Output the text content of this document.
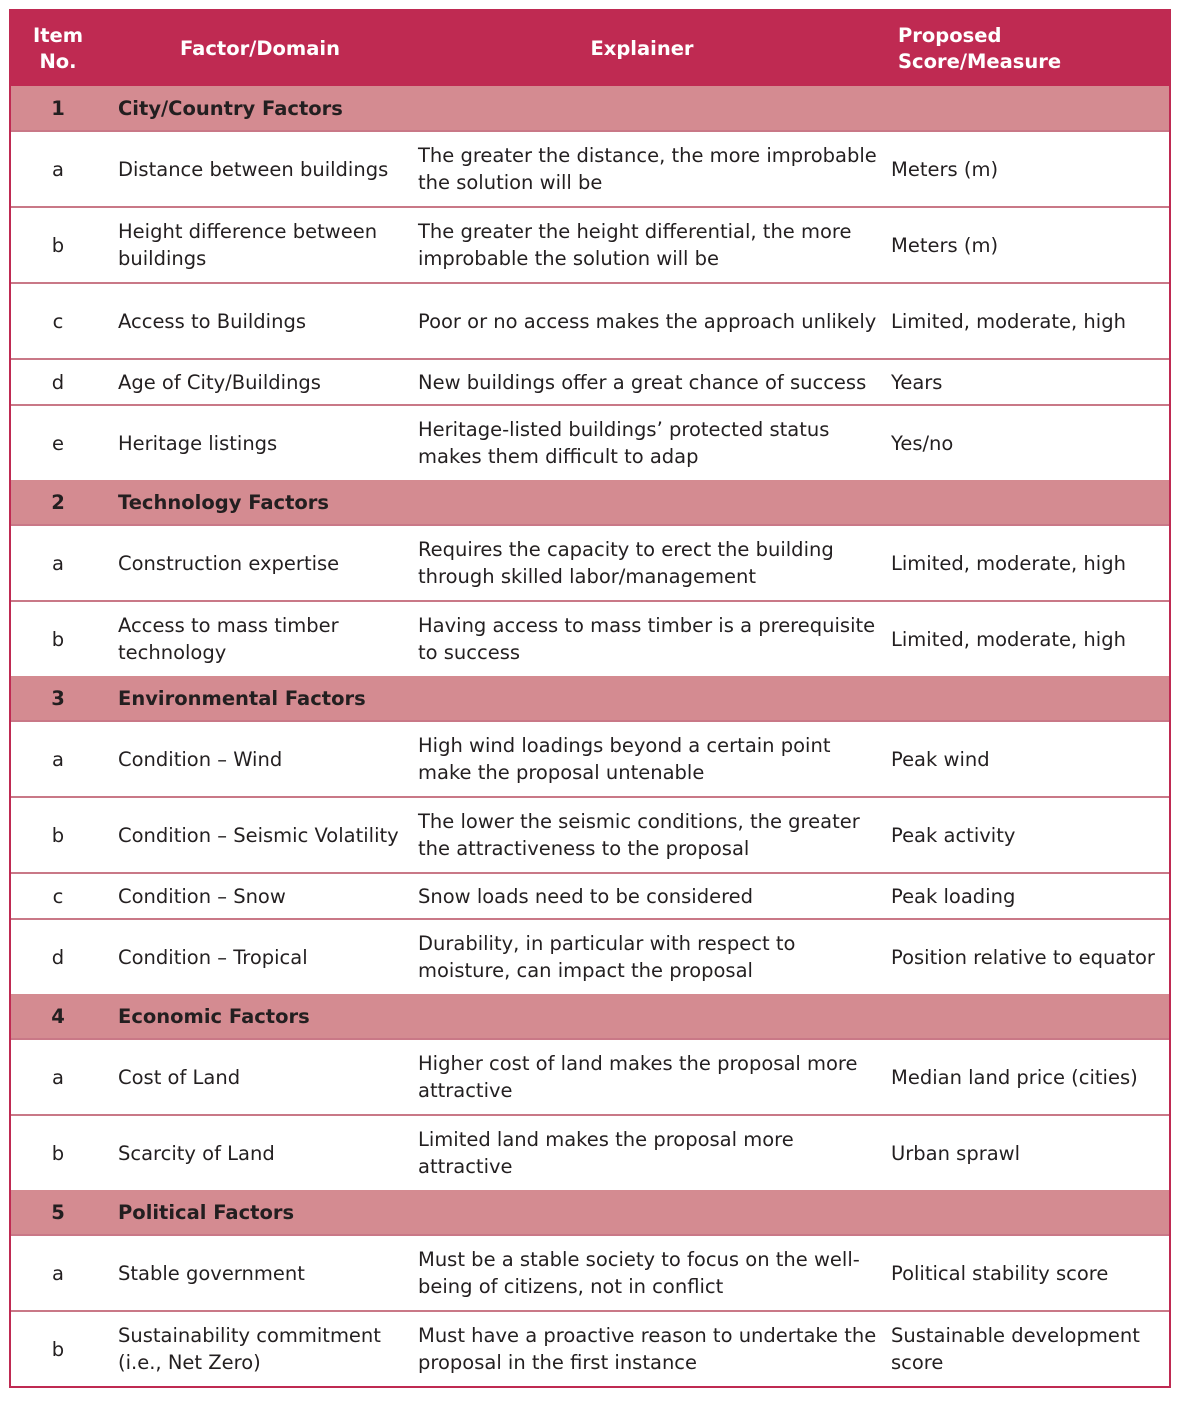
Item No.	Factor/Domain	Explainer	Proposed Score/Measure
1	City/Country Factors		
a	Distance between buildings	The greater the distance, the more improbable the solution will be	Meters (m)
b	Height difference between buildings	The greater the height differential, the more improbable the solution will be	Meters (m)
c	Access to Buildings	Poor or no access makes the approach unlikely	Limited, moderate, high
d	Age of City/Buildings	New buildings offer a great chance of success	Years
e	Heritage listings	Heritage-listed buildings’ protected status makes them difficult to adap	Yes/no
2	Technology Factors		
a	Construction expertise	Requires the capacity to erect the building through skilled labor/management	Limited, moderate, high
b	Access to mass timber technology	Having access to mass timber is a prerequisite to success	Limited, moderate, high
3	Environmental Factors		
a	Condition – Wind	High wind loadings beyond a certain point make the proposal untenable	Peak wind
b	Condition – Seismic Volatility	The lower the seismic conditions, the greater the attractiveness to the proposal	Peak activity
c	Condition – Snow	Snow loads need to be considered	Peak loading
d	Condition – Tropical	Durability, in particular with respect to moisture, can impact the proposal	Position relative to equator
4	Economic Factors		
a	Cost of Land	Higher cost of land makes the proposal more attractive	Median land price (cities)
b	Scarcity of Land	Limited land makes the proposal more attractive	Urban sprawl
5	Political Factors		
a	Stable government	Must be a stable society to focus on the well-being of citizens, not in conflict	Political stability score
b	Sustainability commitment (i.e., Net Zero)	Must have a proactive reason to undertake the proposal in the first instance	Sustainable development score
